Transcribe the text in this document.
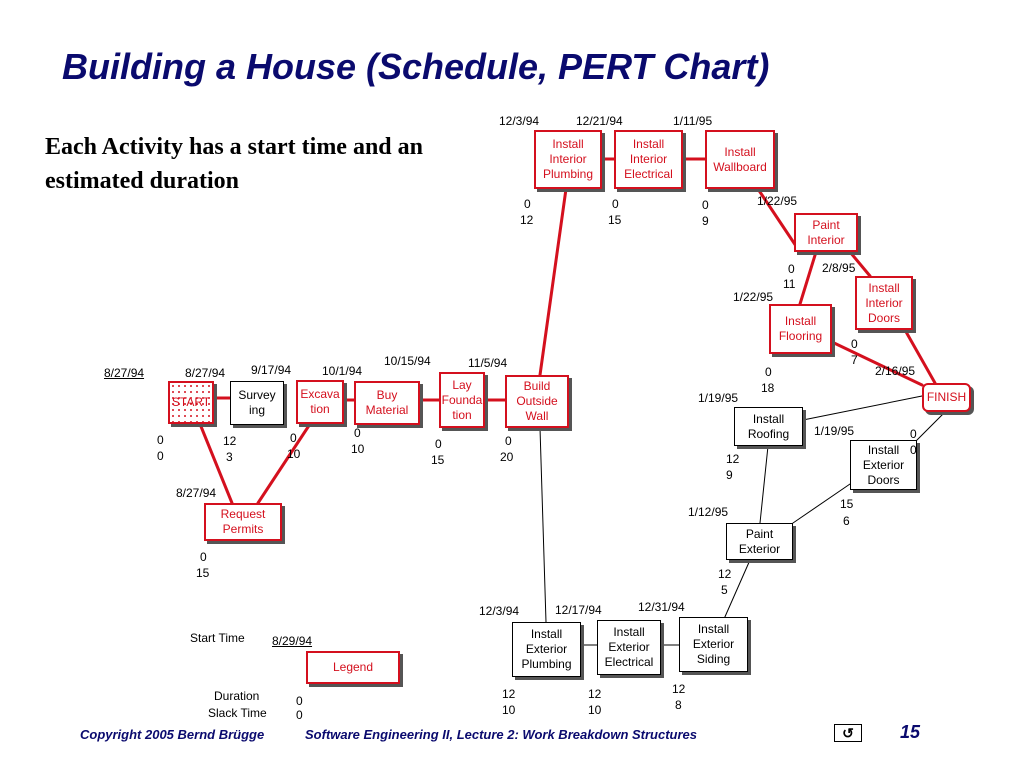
Building a House (Schedule, PERT Chart)
Each Activity has a start time and an estimated duration
START Survey
ing
Request
Permits
Excava
tion
Buy
Material
Lay
Founda
tion
Build
Outside
Wall
Install
Interior
Plumbing
Install
Interior
Electrical
Install
Wallboard
Paint
Interior
Install
Interior
Doors
Install
Flooring
FINISH
Install
Roofing
Install
Exterior
Doors
Paint
Exterior
Install
Exterior
Plumbing
Install
Exterior
Electrical
Install
Exterior
Siding
8/27/94	8/27/94
8/27/94
9/17/94	10/1/94
10/15/94	11/5/94
12/3/94	12/21/94	1/11/95
1/22/95
2/8/95
1/22/95
2/16/95
1/19/95
1/19/95
1/12/95
12/3/94	12/17/94	12/31/94
0
0
12
3
0
15
0
10
0
10	0
15
0
20
0
12
0
15
0
9
0
11
0
7
0
18
0
0
12
9
15
6
12
5
12
10
12
10
12
8
Start Time 8/29/94
Legend
Duration
Slack Time
0
0
Copyright 2005 Bernd Brügge	Software Engineering II, Lecture 2: Work Breakdown Structures	↺	15
